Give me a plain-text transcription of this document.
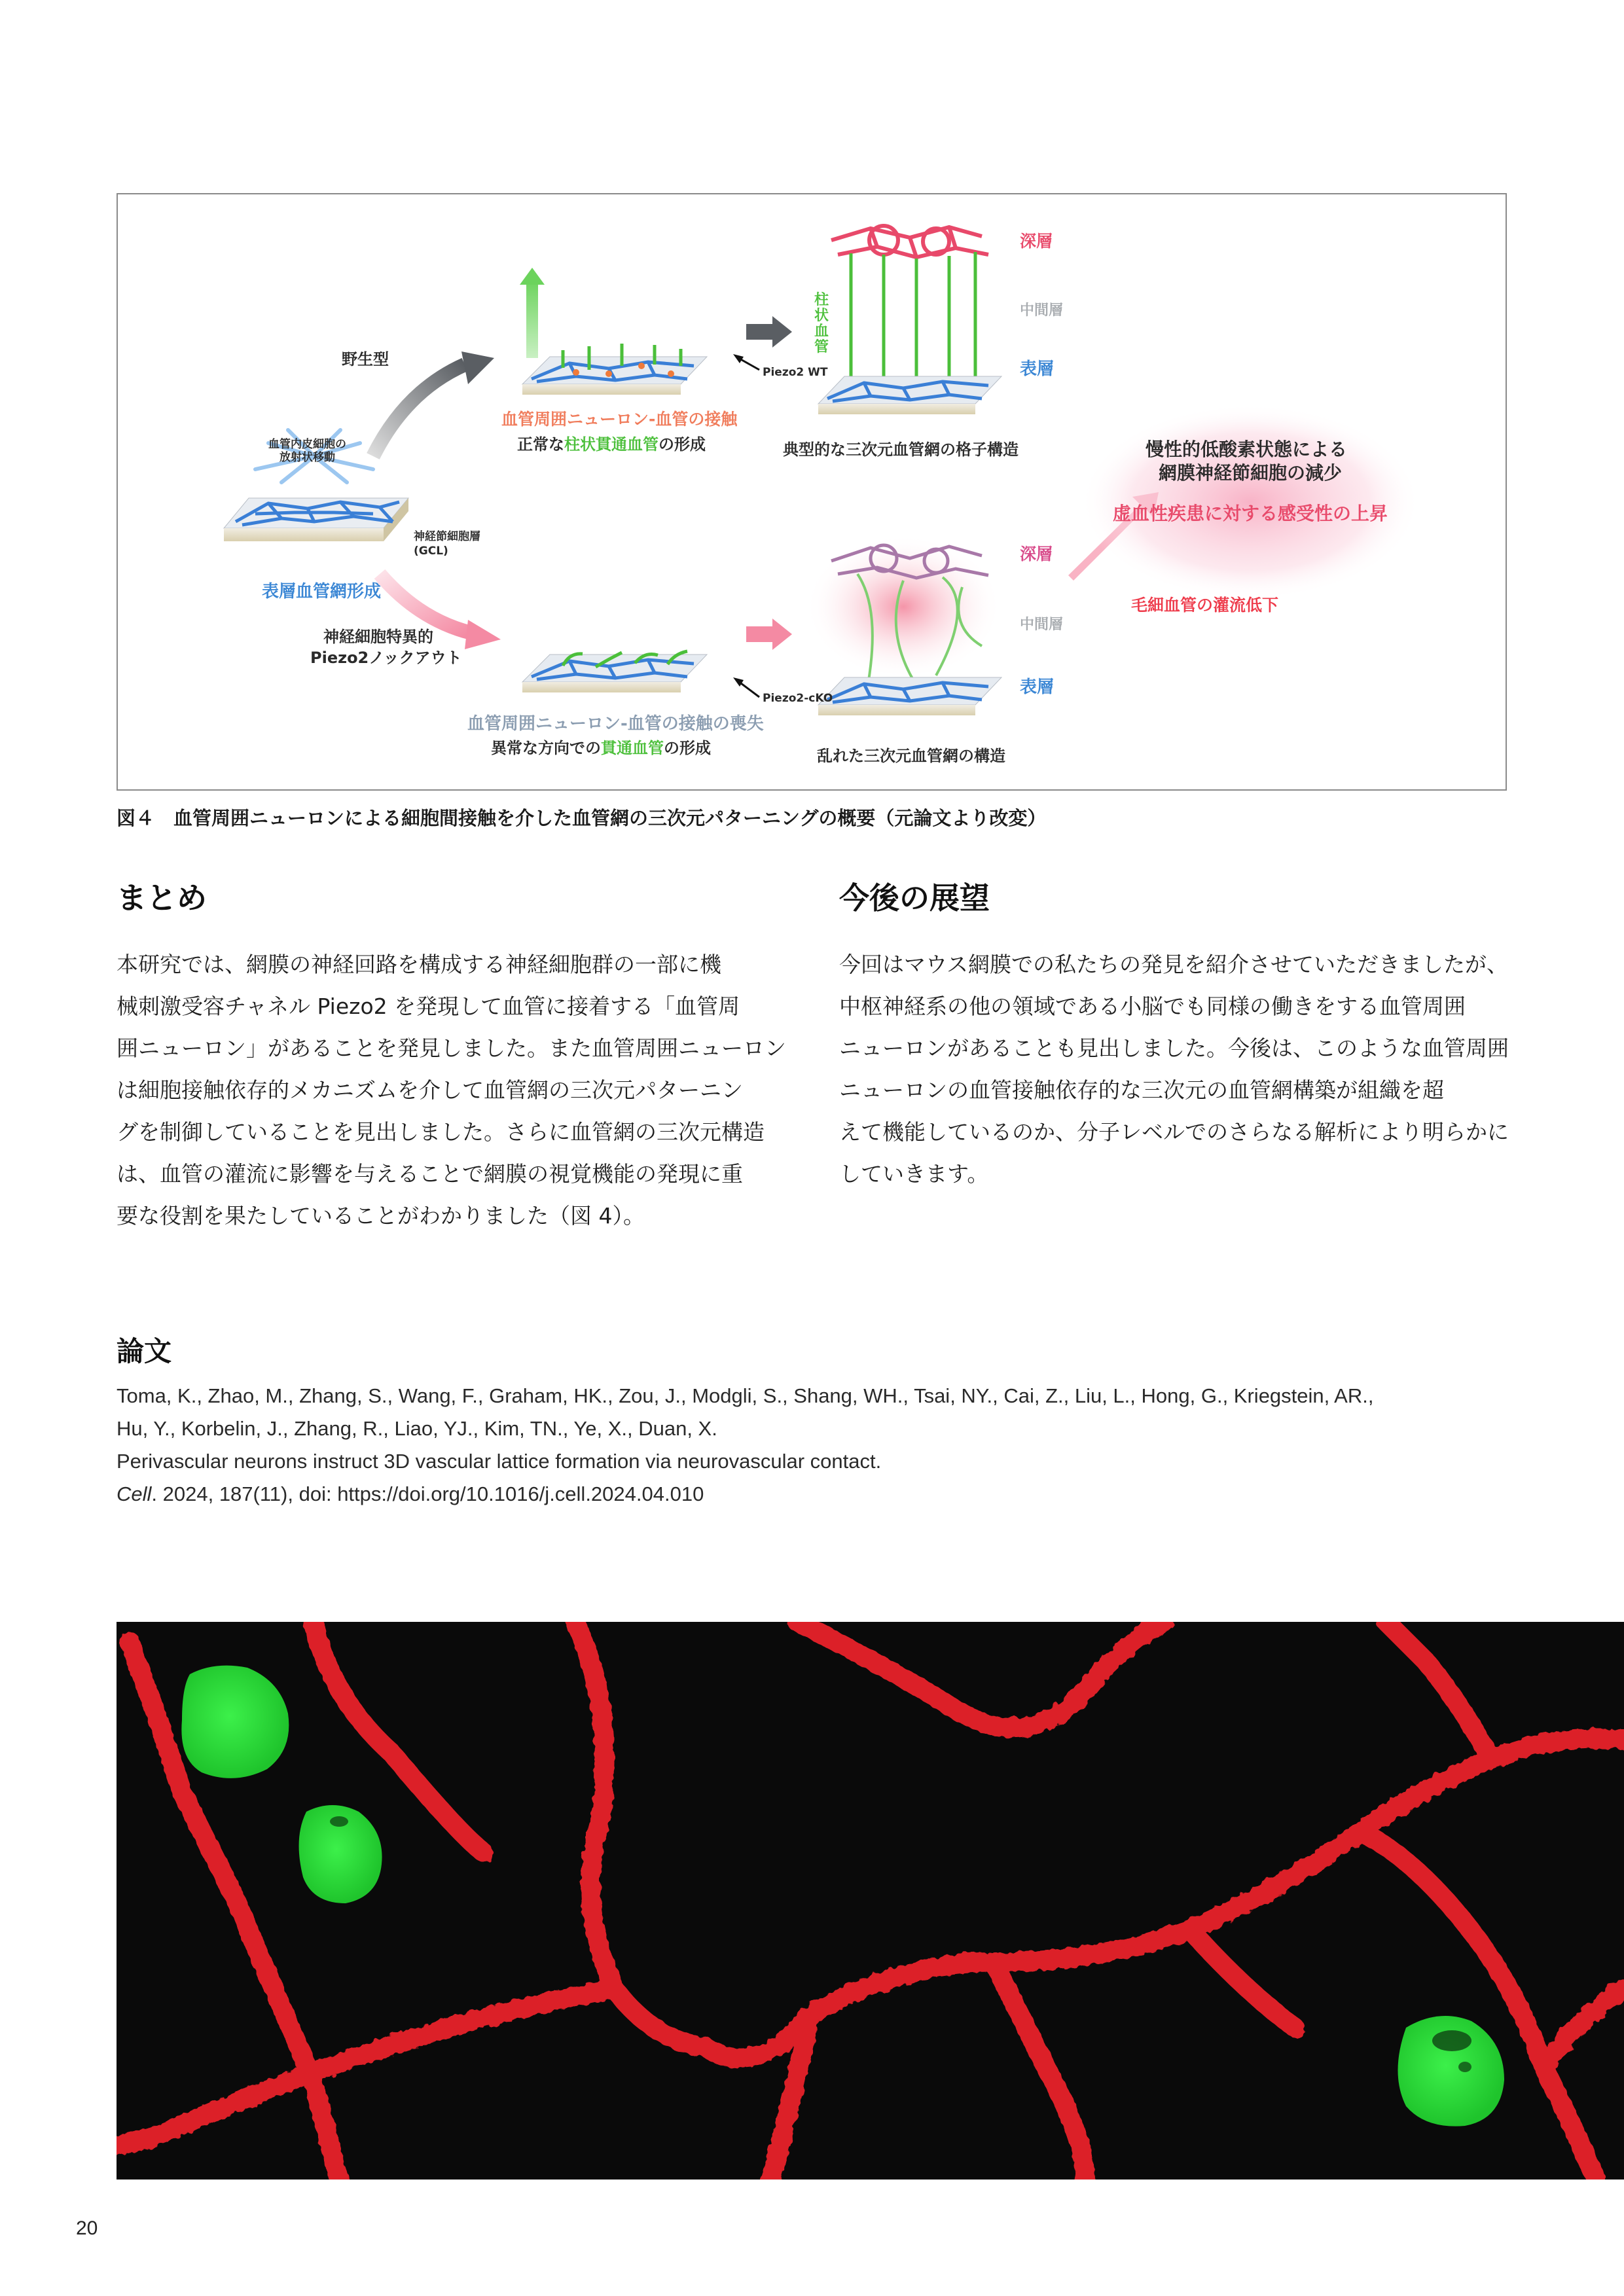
野生型
血管内皮細胞の
放射状移動
神経節細胞層
(GCL)
表層血管網形成
神経細胞特異的
Piezo2ノックアウト
Piezo2 WT
Piezo2-cKO
血管周囲ニューロン-血管の接触
正常な柱状貫通血管の形成
血管周囲ニューロン-血管の接触の喪失
異常な方向での貫通血管の形成
典型的な三次元血管網の格子構造
乱れた三次元血管網の構造
深層
中間層
表層
柱状血管
深層
中間層
表層
慢性的低酸素状態による
網膜神経節細胞の減少
虚血性疾患に対する感受性の上昇
毛細血管の灌流低下
図４　血管周囲ニューロンによる細胞間接触を介した血管網の三次元パターニングの概要（元論文より改変）
まとめ
本研究では、網膜の神経回路を構成する神経細胞群の一部に機
械刺激受容チャネル Piezo2 を発現して血管に接着する「血管周
囲ニューロン」があることを発見しました。また血管周囲ニューロン
は細胞接触依存的メカニズムを介して血管網の三次元パターニン
グを制御していることを見出しました。さらに血管網の三次元構造
は、血管の灌流に影響を与えることで網膜の視覚機能の発現に重
要な役割を果たしていることがわかりました（図 4）。
今後の展望
今回はマウス網膜での私たちの発見を紹介させていただきましたが、
中枢神経系の他の領域である小脳でも同様の働きをする血管周囲
ニューロンがあることも見出しました。今後は、このような血管周囲
ニューロンの血管接触依存的な三次元の血管網構築が組織を超
えて機能しているのか、分子レベルでのさらなる解析により明らかに
していきます。
論文
Toma, K., Zhao, M., Zhang, S., Wang, F., Graham, HK., Zou, J., Modgli, S., Shang, WH., Tsai, NY., Cai, Z., Liu, L., Hong, G., Kriegstein, AR.,
Hu, Y., Korbelin, J., Zhang, R., Liao, YJ., Kim, TN., Ye, X., Duan, X.
Perivascular neurons instruct 3D vascular lattice formation via neurovascular contact.
Cell. 2024, 187(11), doi: https://doi.org/10.1016/j.cell.2024.04.010
20
